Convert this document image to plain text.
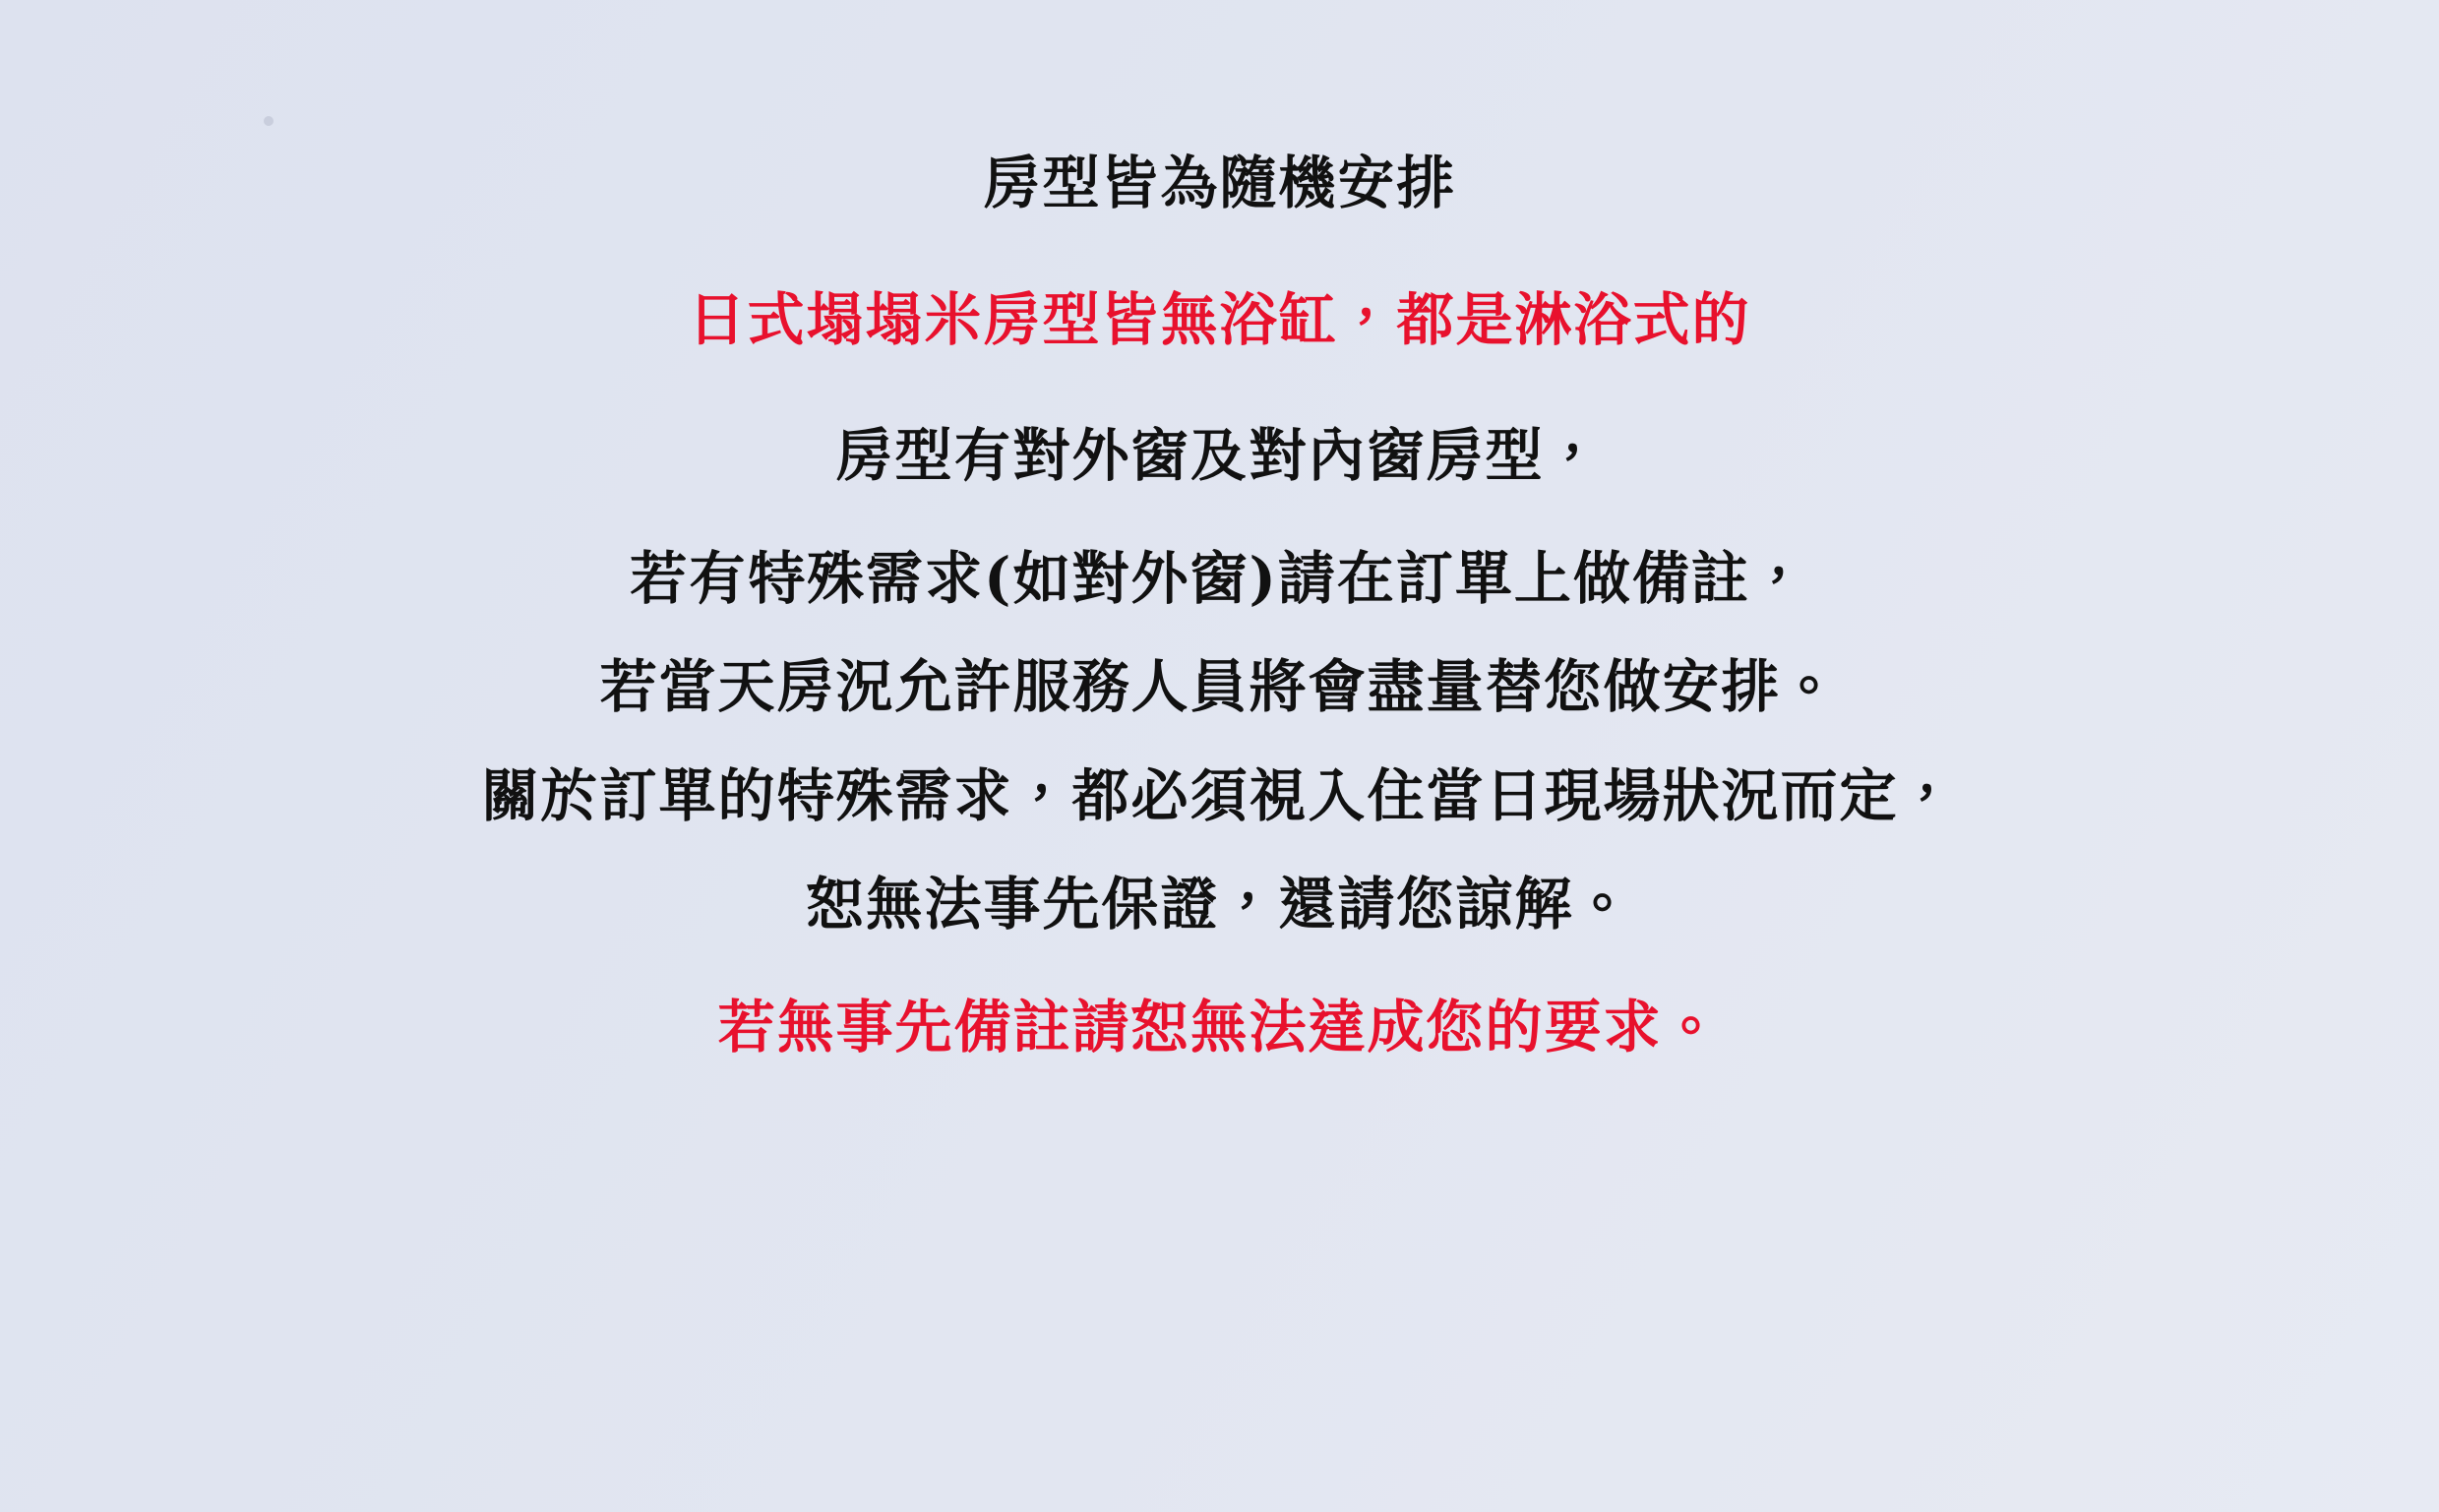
房型皆為隨機安排
日式塌塌米房型皆無浴缸，都是淋浴式的
房型有對外窗及對內窗房型，
若有特殊需求(如對外窗)請在訂單上做備註，
若當天房況允許服務人員將會盡量替您做安排。
關於訂單的特殊需求，都必須視入住當日現場狀況而定，
恕無法事先保證，還請您諒解。
若無事先備註請恕無法達成您的要求。
